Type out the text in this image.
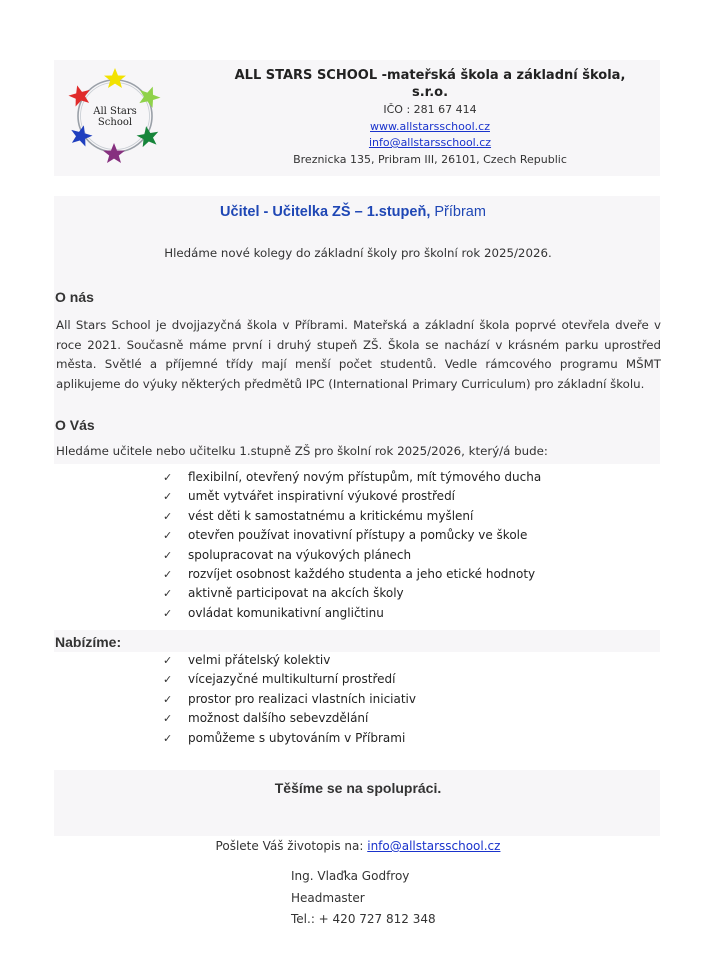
All Stars
School
ALL STARS SCHOOL -mateřská škola a základní škola, s.r.o.
IČO : 281 67 414
www.allstarsschool.cz
info@allstarsschool.cz
Breznicka 135, Pribram III, 26101, Czech Republic
Učitel - Učitelka ZŠ – 1.stupeň, Příbram
Hledáme nové kolegy do základní školy pro školní rok 2025/2026.
O nás
All Stars School je dvojjazyčná škola v Příbrami. Mateřská a základní škola poprvé otevřela dveře v roce 2021. Současně máme první i druhý stupeň ZŠ. Škola se nachází v krásném parku uprostřed města. Světlé a příjemné třídy mají menší počet studentů. Vedle rámcového programu MŠMT aplikujeme do výuky některých předmětů IPC (International Primary Curriculum) pro základní školu.
O Vás
Hledáme učitele nebo učitelku 1.stupně ZŠ pro školní rok 2025/2026, který/á bude:
✓ flexibilní, otevřený novým přístupům, mít týmového ducha
✓ umět vytvářet inspirativní výukové prostředí
✓ vést děti k samostatnému a kritickému myšlení
✓ otevřen používat inovativní přístupy a pomůcky ve škole
✓ spolupracovat na výukových plánech
✓ rozvíjet osobnost každého studenta a jeho etické hodnoty
✓ aktivně participovat na akcích školy
✓ ovládat komunikativní angličtinu
Nabízíme:
✓ velmi přátelský kolektiv
✓ vícejazyčné multikulturní prostředí
✓ prostor pro realizaci vlastních iniciativ
✓ možnost dalšího sebevzdělání
✓ pomůžeme s ubytováním v Příbrami
Těšíme se na spolupráci.
Pošlete Váš životopis na: info@allstarsschool.cz
Ing. Vlaďka Godfroy
Headmaster
Tel.: + 420 727 812 348
